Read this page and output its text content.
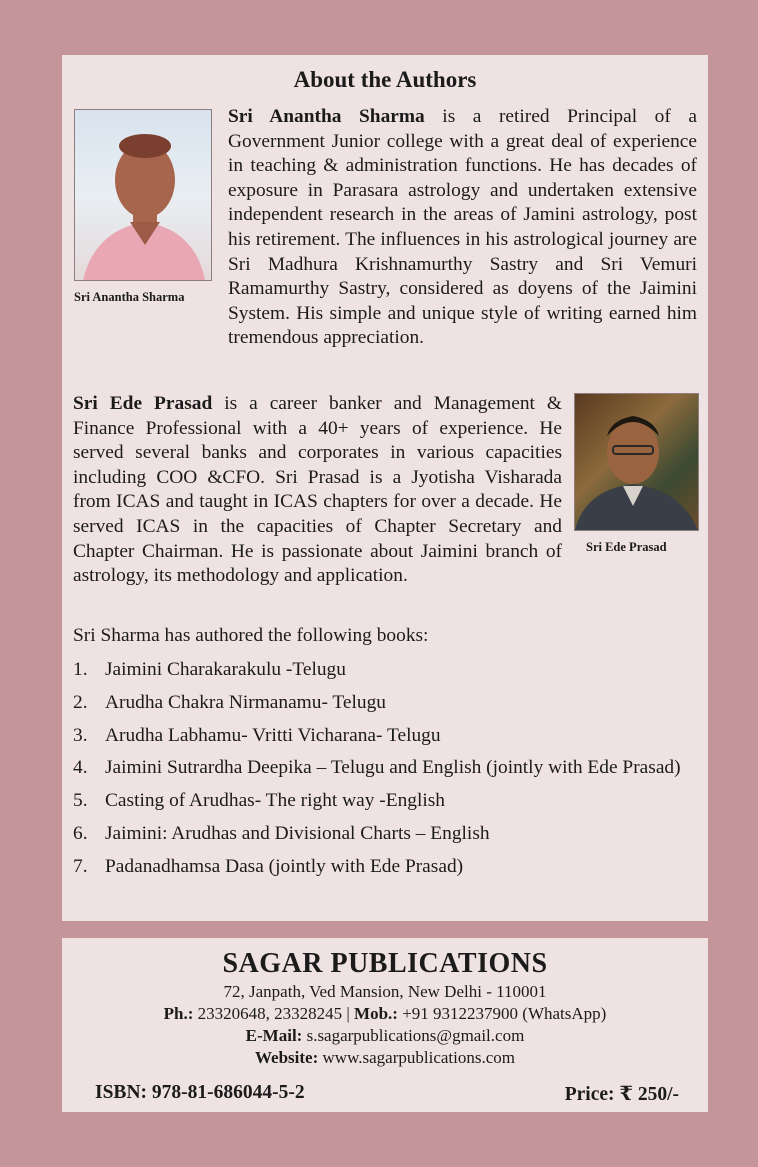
About the Authors
Sri Anantha Sharma

Sri Anantha Sharma is a retired Principal of a Government Junior college with a great deal of experience in teaching & administration functions. He has decades of exposure in Parasara astrology and undertaken extensive independent research in the areas of Jamini astrology, post his retirement. The influences in his astrological journey are Sri Madhura Krishnamurthy Sastry and Sri Vemuri Ramamurthy Sastry, considered as doyens of the Jaimini System. His simple and unique style of writing earned him tremendous appreciation.

Sri Ede Prasad

Sri Ede Prasad is a career banker and Management & Finance Professional with a 40+ years of experience. He served several banks and corporates in various capacities including COO &CFO. Sri Prasad is a Jyotisha Visharada from ICAS and taught in ICAS chapters for over a decade. He served ICAS in the capacities of Chapter Secretary and Chapter Chairman. He is passionate about Jaimini branch of astrology, its methodology and application.

Sri Sharma has authored the following books:
1. Jaimini Charakarakulu -Telugu
2. Arudha Chakra Nirmanamu- Telugu
3. Arudha Labhamu- Vritti Vicharana- Telugu
4. Jaimini Sutrardha Deepika – Telugu and English (jointly with Ede Prasad)
5. Casting of Arudhas- The right way -English
6. Jaimini: Arudhas and Divisional Charts – English
7. Padanadhamsa Dasa (jointly with Ede Prasad)
SAGAR PUBLICATIONS
72, Janpath, Ved Mansion, New Delhi - 110001
Ph.: 23320648, 23328245 | Mob.: +91 9312237900 (WhatsApp)
E-Mail: s.sagarpublications@gmail.com
Website: www.sagarpublications.com
ISBN: 978-81-686044-5-2	Price: ₹ 250/-
